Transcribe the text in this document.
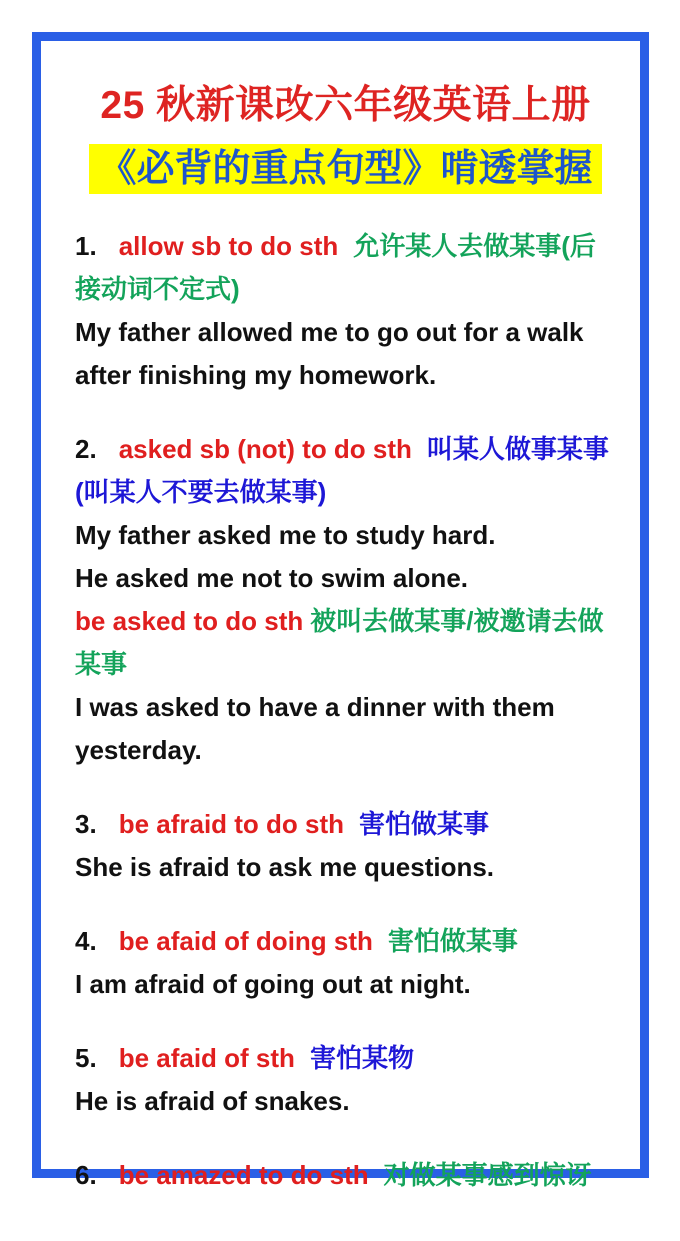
25 秋新课改六年级英语上册
《必背的重点句型》啃透掌握

1. allow sb to do sth 允许某人去做某事(后接动词不定式)

My father allowed me to go out for a walk after finishing my homework.

2. asked sb (not) to do sth 叫某人做事某事(叫某人不要去做某事)

My father asked me to study hard.
He asked me not to swim alone.

be asked to do sth 被叫去做某事/被邀请去做某事

I was asked to have a dinner with them yesterday.

3. be afraid to do sth 害怕做某事

She is afraid to ask me questions.

4. be afaid of doing sth 害怕做某事

I am afraid of going out at night.

5. be afaid of sth 害怕某物

He is afraid of snakes.

6. be amazed to do sth 对做某事感到惊讶
